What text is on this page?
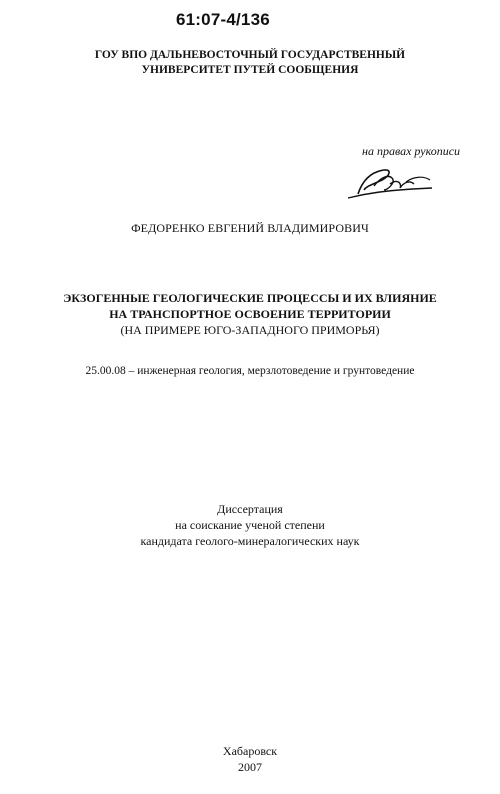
61:07-4/136
ГОУ ВПО ДАЛЬНЕВОСТОЧНЫЙ ГОСУДАРСТВЕННЫЙ
УНИВЕРСИТЕТ ПУТЕЙ СООБЩЕНИЯ
на правах рукописи
ФЕДОРЕНКО ЕВГЕНИЙ ВЛАДИМИРОВИЧ
ЭКЗОГЕННЫЕ ГЕОЛОГИЧЕСКИЕ ПРОЦЕССЫ И ИХ ВЛИЯНИЕ
НА ТРАНСПОРТНОЕ ОСВОЕНИЕ ТЕРРИТОРИИ
(НА ПРИМЕРЕ ЮГО-ЗАПАДНОГО ПРИМОРЬЯ)
25.00.08 – инженерная геология, мерзлотоведение и грунтоведение
Диссертация
на соискание ученой степени
кандидата геолого-минералогических наук
Хабаровск
2007
